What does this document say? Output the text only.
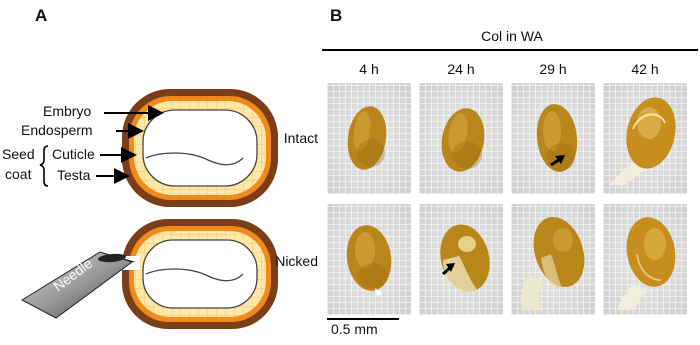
A	B
Needle
Embryo
Endosperm
Cuticle
Testa
Seed
coat
Col in WA
4 h	24 h	29 h	42 h
Intact
Nicked
0.5 mm
